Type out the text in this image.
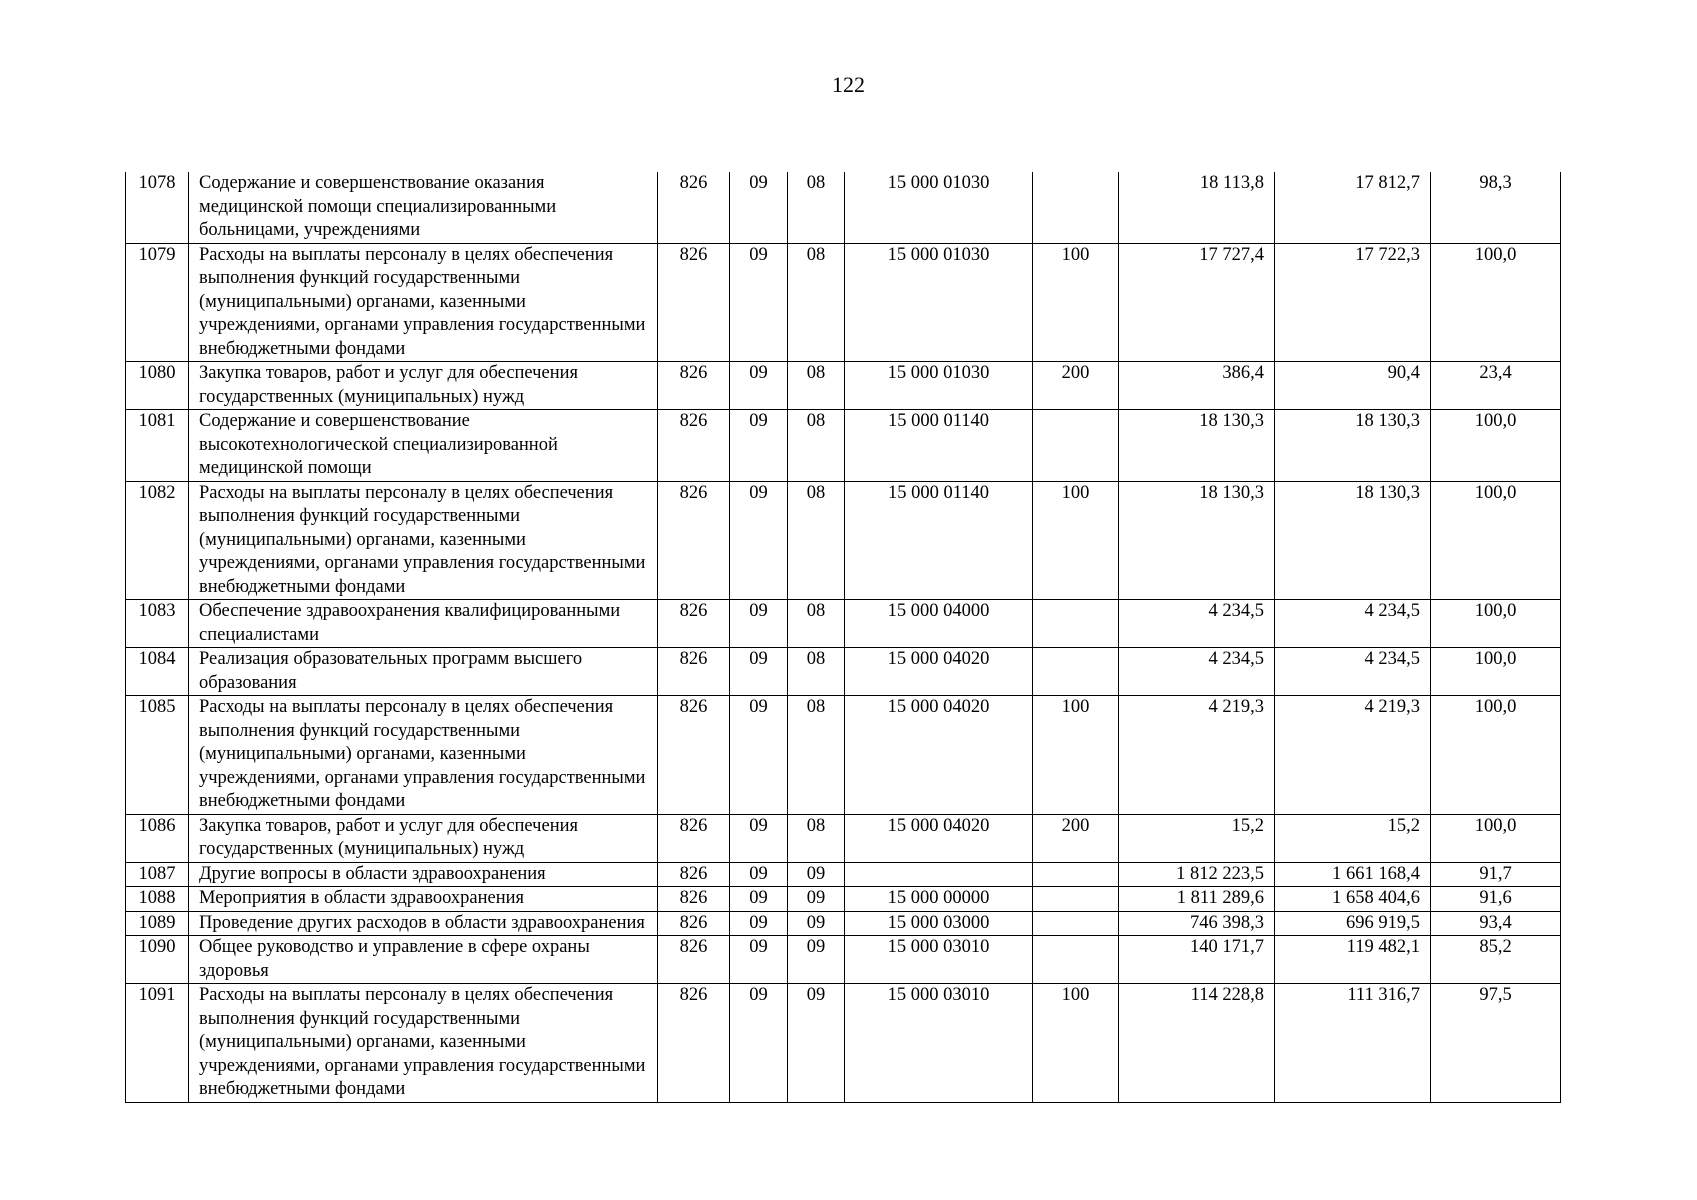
122
1078	Содержание и совершенствование оказания медицинской помощи специализированными больницами, учреждениями	826	09	08	15 000 01030		18 113,8	17 812,7	98,3
1079	Расходы на выплаты персоналу в целях обеспечения выполнения функций государственными (муниципальными) органами, казенными учреждениями, органами управления государственными внебюджетными фондами	826	09	08	15 000 01030	100	17 727,4	17 722,3	100,0
1080	Закупка товаров, работ и услуг для обеспечения государственных (муниципальных) нужд	826	09	08	15 000 01030	200	386,4	90,4	23,4
1081	Содержание и совершенствование высокотехнологической специализированной медицинской помощи	826	09	08	15 000 01140		18 130,3	18 130,3	100,0
1082	Расходы на выплаты персоналу в целях обеспечения выполнения функций государственными (муниципальными) органами, казенными учреждениями, органами управления государственными внебюджетными фондами	826	09	08	15 000 01140	100	18 130,3	18 130,3	100,0
1083	Обеспечение здравоохранения квалифицированными специалистами	826	09	08	15 000 04000		4 234,5	4 234,5	100,0
1084	Реализация образовательных программ высшего образования	826	09	08	15 000 04020		4 234,5	4 234,5	100,0
1085	Расходы на выплаты персоналу в целях обеспечения выполнения функций государственными (муниципальными) органами, казенными учреждениями, органами управления государственными внебюджетными фондами	826	09	08	15 000 04020	100	4 219,3	4 219,3	100,0
1086	Закупка товаров, работ и услуг для обеспечения государственных (муниципальных) нужд	826	09	08	15 000 04020	200	15,2	15,2	100,0
1087	Другие вопросы в области здравоохранения	826	09	09			1 812 223,5	1 661 168,4	91,7
1088	Мероприятия в области здравоохранения	826	09	09	15 000 00000		1 811 289,6	1 658 404,6	91,6
1089	Проведение других расходов в области здравоохранения	826	09	09	15 000 03000		746 398,3	696 919,5	93,4
1090	Общее руководство и управление в сфере охраны здоровья	826	09	09	15 000 03010		140 171,7	119 482,1	85,2
1091	Расходы на выплаты персоналу в целях обеспечения выполнения функций государственными (муниципальными) органами, казенными учреждениями, органами управления государственными внебюджетными фондами	826	09	09	15 000 03010	100	114 228,8	111 316,7	97,5
